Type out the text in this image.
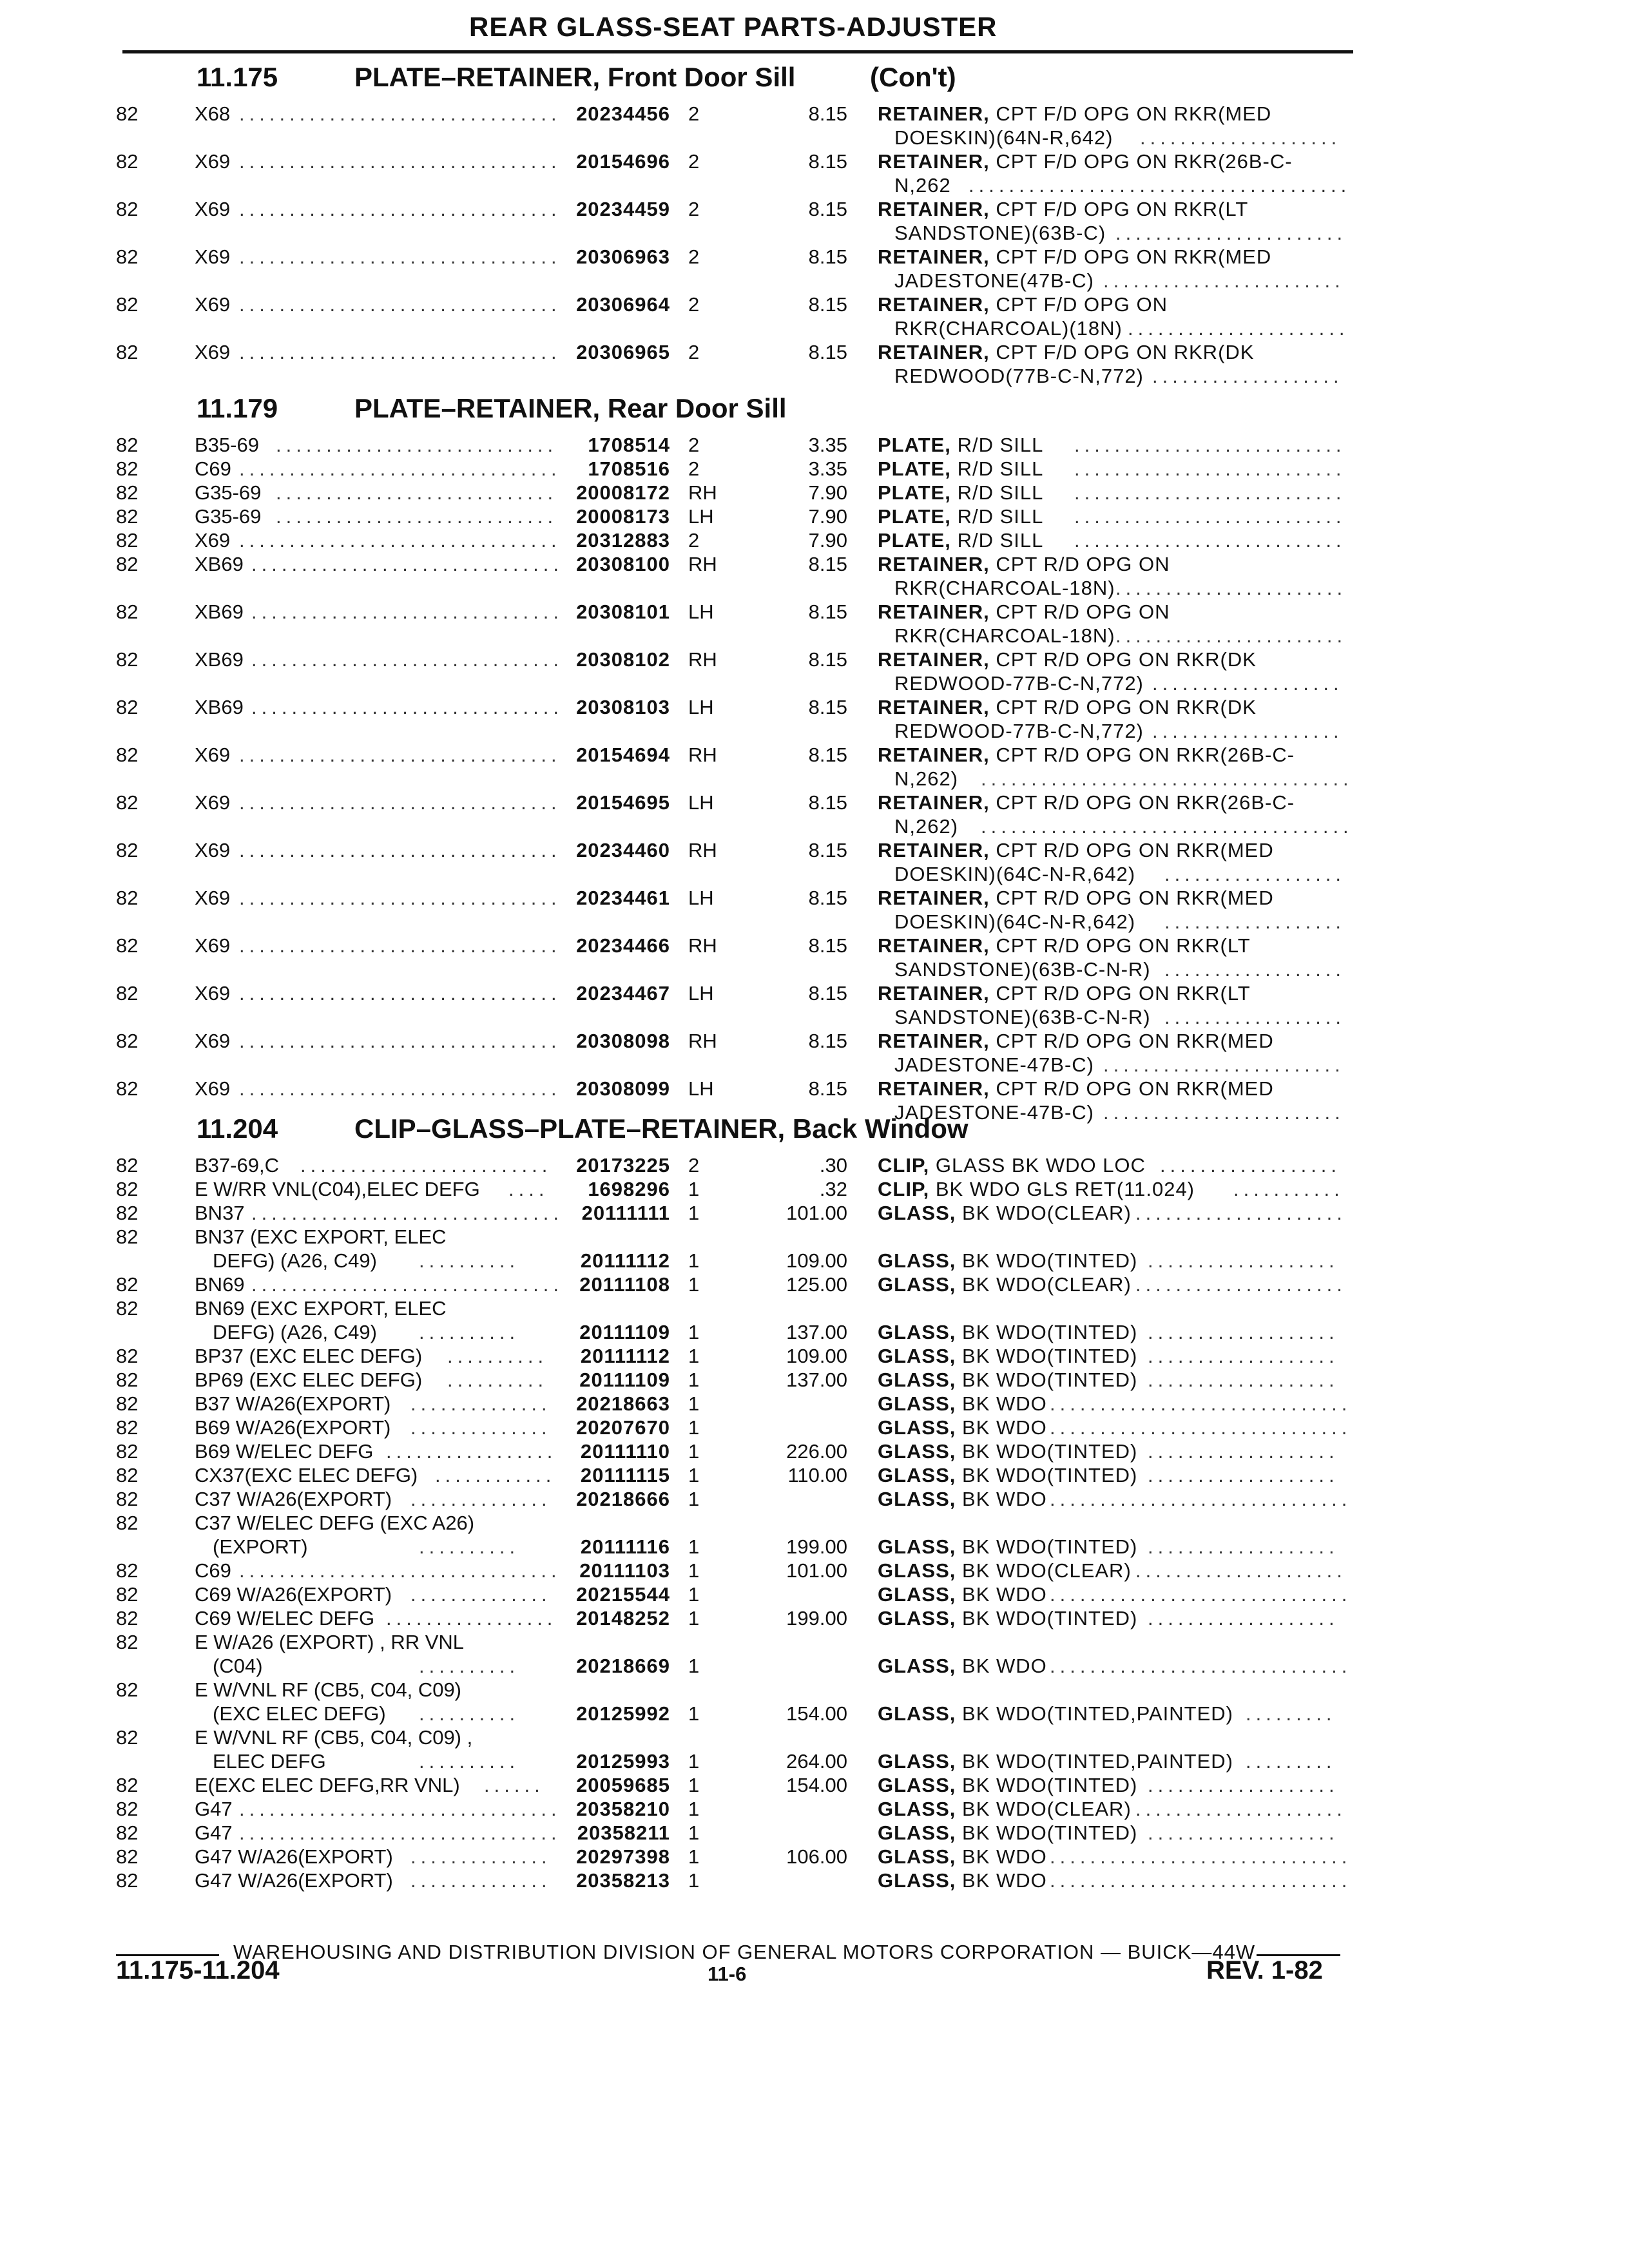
REAR GLASS-SEAT PARTS-ADJUSTER
11.175	PLATE–RETAINER, Front Door Sill	(Con't)
82	X68 ................................ 20234456 2	8.15 RETAINER, CPT F/D OPG ON RKR(MED
DOESKIN)(64N-R,642) ....................
82	X69 ................................ 20154696 2	8.15 RETAINER, CPT F/D OPG ON RKR(26B-C-
N,262 ......................................
82	X69 ................................ 20234459 2	8.15 RETAINER, CPT F/D OPG ON RKR(LT
SANDSTONE)(63B-C) .......................
82	X69 ................................ 20306963 2	8.15 RETAINER, CPT F/D OPG ON RKR(MED
JADESTONE(47B-C) ........................
82	X69 ................................ 20306964 2	8.15 RETAINER, CPT F/D OPG ON
RKR(CHARCOAL)(18N) ......................
82	X69 ................................ 20306965 2	8.15 RETAINER, CPT F/D OPG ON RKR(DK
REDWOOD(77B-C-N,772) ...................
11.179	PLATE–RETAINER, Rear Door Sill
82	B35-69 ............................	1708514 2	3.35 PLATE, R/D SILL ...........................
82	C69 ................................	1708516 2	3.35 PLATE, R/D SILL ...........................
82	G35-69 ............................ 20008172 RH	7.90 PLATE, R/D SILL ...........................
82	G35-69 ............................ 20008173 LH	7.90 PLATE, R/D SILL ...........................
82	X69 ................................ 20312883 2	7.90 PLATE, R/D SILL ...........................
82	XB69 ............................... 20308100 RH	8.15 RETAINER, CPT R/D OPG ON
RKR(CHARCOAL-18N) .......................
82	XB69 ............................... 20308101 LH	8.15 RETAINER, CPT R/D OPG ON
RKR(CHARCOAL-18N) .......................
82	XB69 ............................... 20308102 RH	8.15 RETAINER, CPT R/D OPG ON RKR(DK
REDWOOD-77B-C-N,772) ...................
82	XB69 ............................... 20308103 LH	8.15 RETAINER, CPT R/D OPG ON RKR(DK
REDWOOD-77B-C-N,772) ...................
82	X69 ................................ 20154694 RH	8.15 RETAINER, CPT R/D OPG ON RKR(26B-C-
N,262) .....................................
82	X69 ................................ 20154695 LH	8.15 RETAINER, CPT R/D OPG ON RKR(26B-C-
N,262) .....................................
82	X69 ................................ 20234460 RH	8.15 RETAINER, CPT R/D OPG ON RKR(MED
DOESKIN)(64C-N-R,642) ..................
82	X69 ................................ 20234461 LH	8.15 RETAINER, CPT R/D OPG ON RKR(MED
DOESKIN)(64C-N-R,642) ..................
82	X69 ................................ 20234466 RH	8.15 RETAINER, CPT R/D OPG ON RKR(LT
SANDSTONE)(63B-C-N-R) ..................
82	X69 ................................ 20234467 LH	8.15 RETAINER, CPT R/D OPG ON RKR(LT
SANDSTONE)(63B-C-N-R) ..................
82	X69 ................................ 20308098 RH	8.15 RETAINER, CPT R/D OPG ON RKR(MED
JADESTONE-47B-C) ........................
82	X69 ................................ 20308099 LH	8.15 RETAINER, CPT R/D OPG ON RKR(MED
JADESTONE-47B-C) ........................
11.204	CLIP–GLASS–PLATE–RETAINER, Back Window
82	B37-69,C .........................	20173225 2	.30 CLIP, GLASS BK WDO LOC ..................
82	E W/RR VNL(C04),ELEC DEFG ....	1698296 1	.32 CLIP, BK WDO GLS RET(11.024) ...........
82	BN37 ............................... 20111111 1	101.00 GLASS, BK WDO(CLEAR) .....................
82	BN37 (EXC EXPORT, ELEC
DEFG) (A26, C49) ..........	20111112 1	109.00 GLASS, BK WDO(TINTED) ...................
82	BN69 ............................... 20111108 1	125.00 GLASS, BK WDO(CLEAR) .....................
82	BN69 (EXC EXPORT, ELEC
DEFG) (A26, C49) ..........	20111109 1	137.00 GLASS, BK WDO(TINTED) ...................
82	BP37 (EXC ELEC DEFG) ..........	20111112 1	109.00 GLASS, BK WDO(TINTED) ...................
82	BP69 (EXC ELEC DEFG) ..........	20111109 1	137.00 GLASS, BK WDO(TINTED) ...................
82	B37 W/A26(EXPORT) ..............	20218663 1	GLASS, BK WDO ..............................
82	B69 W/A26(EXPORT) ..............	20207670 1	GLASS, BK WDO ..............................
82	B69 W/ELEC DEFG .................	20111110 1	226.00 GLASS, BK WDO(TINTED) ...................
82	CX37(EXC ELEC DEFG) ............	20111115 1	110.00 GLASS, BK WDO(TINTED) ...................
82	C37 W/A26(EXPORT) ..............	20218666 1	GLASS, BK WDO ..............................
82	C37 W/ELEC DEFG (EXC A26)
(EXPORT)	..........	20111116 1	199.00 GLASS, BK WDO(TINTED) ...................
82	C69 ................................ 20111103 1	101.00 GLASS, BK WDO(CLEAR) .....................
82	C69 W/A26(EXPORT) ..............	20215544 1	GLASS, BK WDO ..............................
82	C69 W/ELEC DEFG ................. 20148252 1	199.00 GLASS, BK WDO(TINTED) ...................
82	E W/A26 (EXPORT) , RR VNL
(C04)	..........	20218669 1	GLASS, BK WDO ..............................
82	E W/VNL RF (CB5, C04, C09)
(EXC ELEC DEFG) ..........	20125992 1	154.00 GLASS, BK WDO(TINTED,PAINTED) .........
82	E W/VNL RF (CB5, C04, C09) ,
ELEC DEFG	..........	20125993 1	264.00 GLASS, BK WDO(TINTED,PAINTED) .........
82	E(EXC ELEC DEFG,RR VNL) ......	20059685 1	154.00 GLASS, BK WDO(TINTED) ...................
82	G47 ................................ 20358210 1	GLASS, BK WDO(CLEAR) .....................
82	G47 ................................ 20358211 1	GLASS, BK WDO(TINTED) ...................
82	G47 W/A26(EXPORT) ..............	20297398 1	106.00 GLASS, BK WDO ..............................
82	G47 W/A26(EXPORT) ..............	20358213 1	GLASS, BK WDO ..............................
WAREHOUSING AND DISTRIBUTION DIVISION OF GENERAL MOTORS CORPORATION — BUICK—44W
11.175-11.204	11-6	REV. 1-82
